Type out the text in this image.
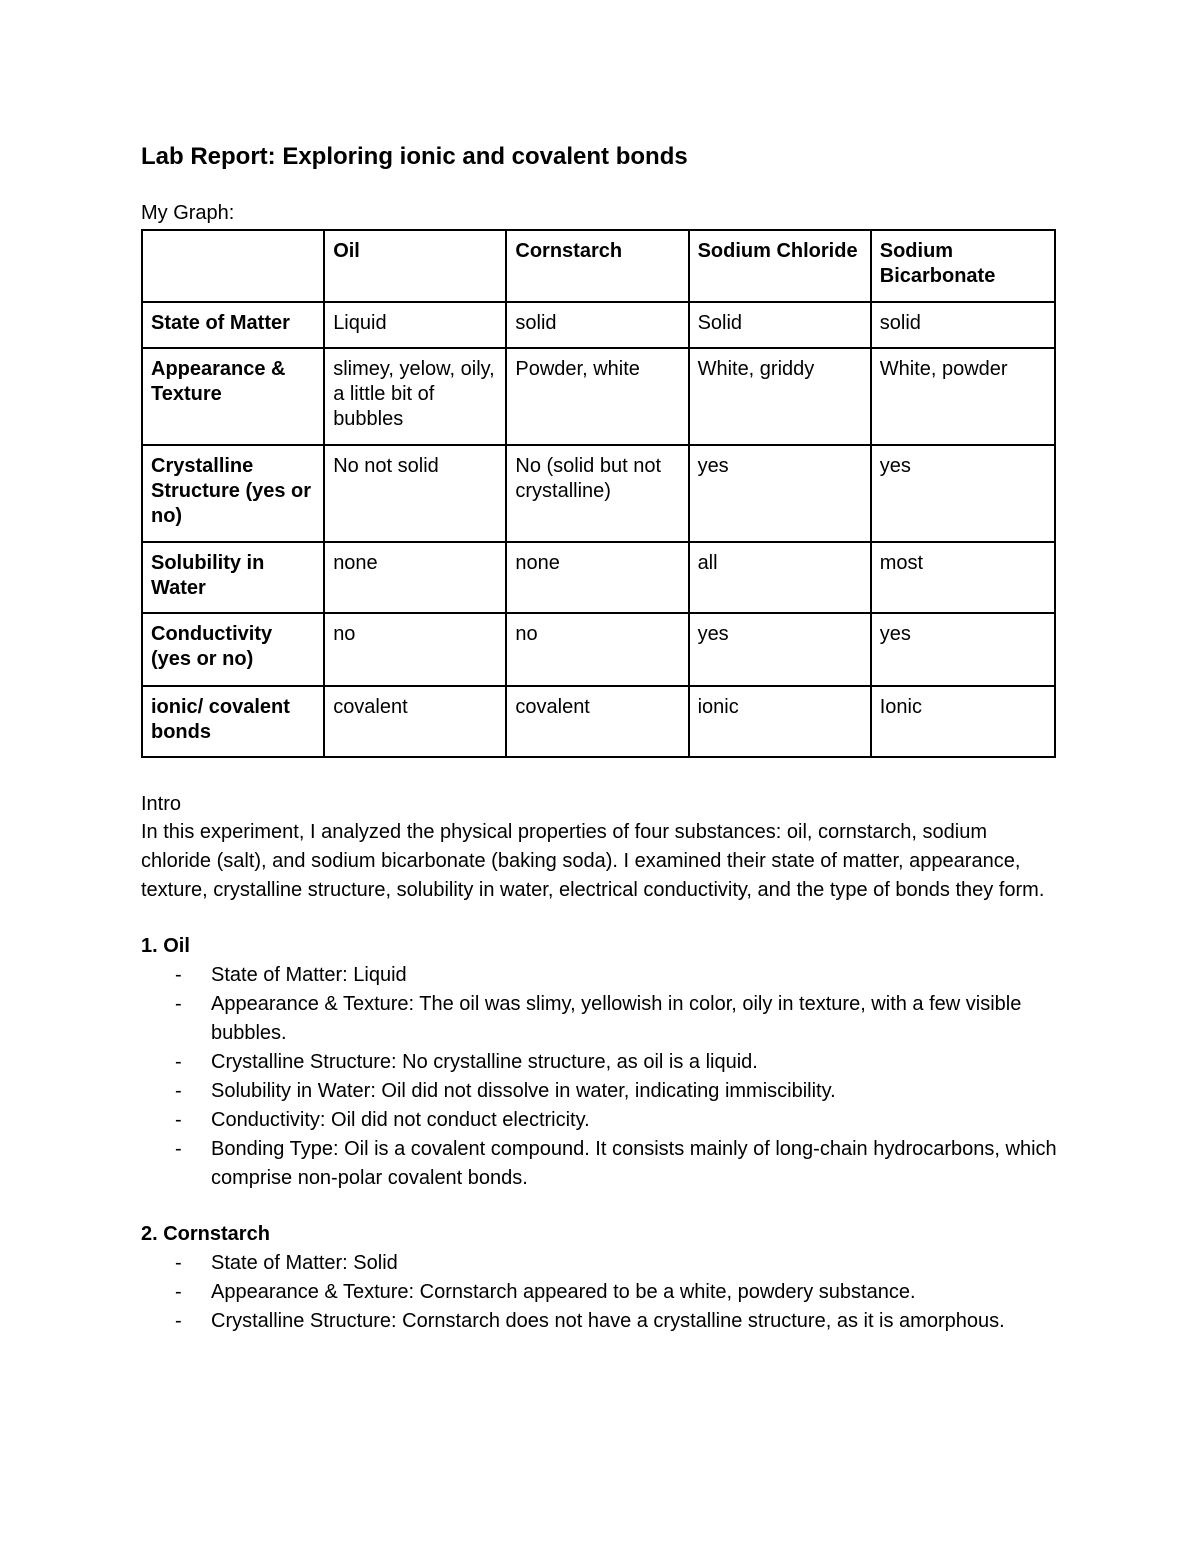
Lab Report: Exploring ionic and covalent bonds

My Graph:

	Oil	Cornstarch	Sodium Chloride	Sodium Bicarbonate
State of Matter	Liquid	solid	Solid	solid
Appearance & Texture	slimey, yelow, oily, a little bit of bubbles	Powder, white	White, griddy	White, powder
Crystalline Structure (yes or no)	No not solid	No (solid but not crystalline)	yes	yes
Solubility in Water	none	none	all	most
Conductivity (yes or no)	no	no	yes	yes
ionic/ covalent bonds	covalent	covalent	ionic	Ionic

Intro

In this experiment, I analyzed the physical properties of four substances: oil, cornstarch, sodium chloride (salt), and sodium bicarbonate (baking soda). I examined their state of matter, appearance, texture, crystalline structure, solubility in water, electrical conductivity, and the type of bonds they form.

1. Oil

- State of Matter: Liquid
- Appearance & Texture: The oil was slimy, yellowish in color, oily in texture, with a few visible bubbles.
- Crystalline Structure: No crystalline structure, as oil is a liquid.
- Solubility in Water: Oil did not dissolve in water, indicating immiscibility.
- Conductivity: Oil did not conduct electricity.
- Bonding Type: Oil is a covalent compound. It consists mainly of long-chain hydrocarbons, which comprise non-polar covalent bonds.

2. Cornstarch

- State of Matter: Solid
- Appearance & Texture: Cornstarch appeared to be a white, powdery substance.
- Crystalline Structure: Cornstarch does not have a crystalline structure, as it is amorphous.
